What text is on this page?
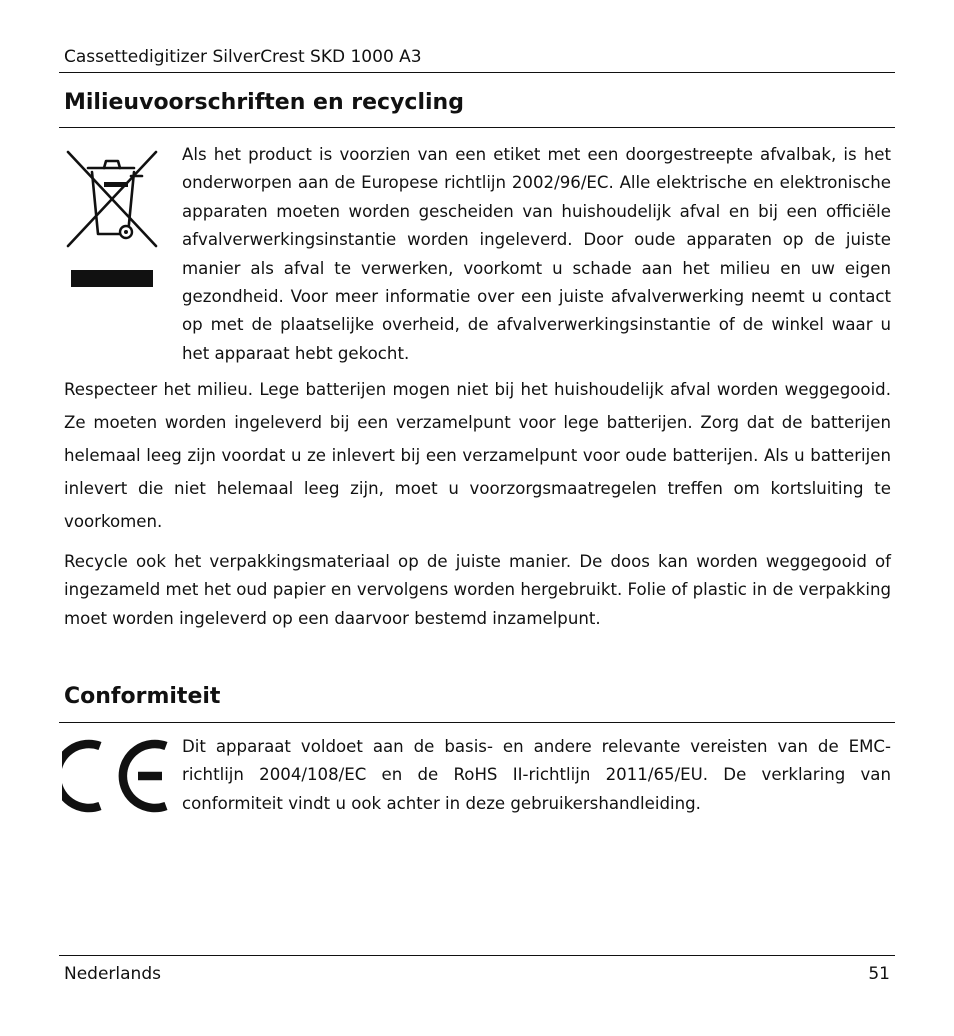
Cassettedigitizer SilverCrest SKD 1000 A3
Milieuvoorschriften en recycling

Als het product is voorzien van een etiket met een doorgestreepte afvalbak, is het onderworpen aan de Europese richtlijn 2002/96/EC. Alle elektrische en elektronische apparaten moeten worden gescheiden van huishoudelijk afval en bij een officiële afvalverwerkingsinstantie worden ingeleverd. Door oude apparaten op de juiste manier als afval te verwerken, voorkomt u schade aan het milieu en uw eigen gezondheid. Voor meer informatie over een juiste afvalverwerking neemt u contact op met de plaatselijke overheid, de afvalverwerkingsinstantie of de winkel waar u het apparaat hebt gekocht.

Respecteer het milieu. Lege batterijen mogen niet bij het huishoudelijk afval worden weggegooid. Ze moeten worden ingeleverd bij een verzamelpunt voor lege batterijen. Zorg dat de batterijen helemaal leeg zijn voordat u ze inlevert bij een verzamelpunt voor oude batterijen. Als u batterijen inlevert die niet helemaal leeg zijn, moet u voorzorgsmaatregelen treffen om kortsluiting te voorkomen.

Recycle ook het verpakkingsmateriaal op de juiste manier. De doos kan worden weggegooid of ingezameld met het oud papier en vervolgens worden hergebruikt. Folie of plastic in de verpakking moet worden ingeleverd op een daarvoor bestemd inzamelpunt.

Conformiteit

Dit apparaat voldoet aan de basis- en andere relevante vereisten van de EMC-richtlijn 2004/108/EC en de RoHS II-richtlijn 2011/65/EU. De verklaring van conformiteit vindt u ook achter in deze gebruikershandleiding.

Nederlands	51
